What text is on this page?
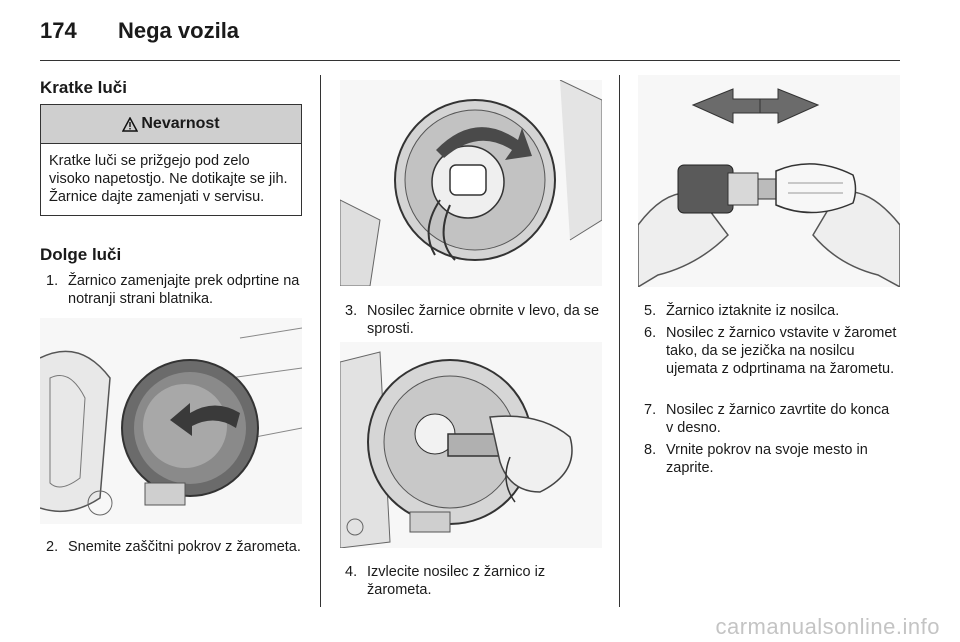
174 Nega vozila
Kratke luči
Nevarnost
Kratke luči se prižgejo pod zelo visoko napetostjo. Ne dotikajte se jih. Žarnice dajte zamenjati v servisu.
Dolge luči
1. Žarnico zamenjajte prek odprtine na notranji strani blatnika.
2. Snemite zaščitni pokrov z žarometa.
3. Nosilec žarnice obrnite v levo, da se sprosti.
4. Izvlecite nosilec z žarnico iz žarometa.
5. Žarnico iztaknite iz nosilca.
6. Nosilec z žarnico vstavite v žaromet tako, da se jezička na nosilcu ujemata z odprtinama na žarometu.
7. Nosilec z žarnico zavrtite do konca v desno.
8. Vrnite pokrov na svoje mesto in zaprite.
carmanualsonline.info
